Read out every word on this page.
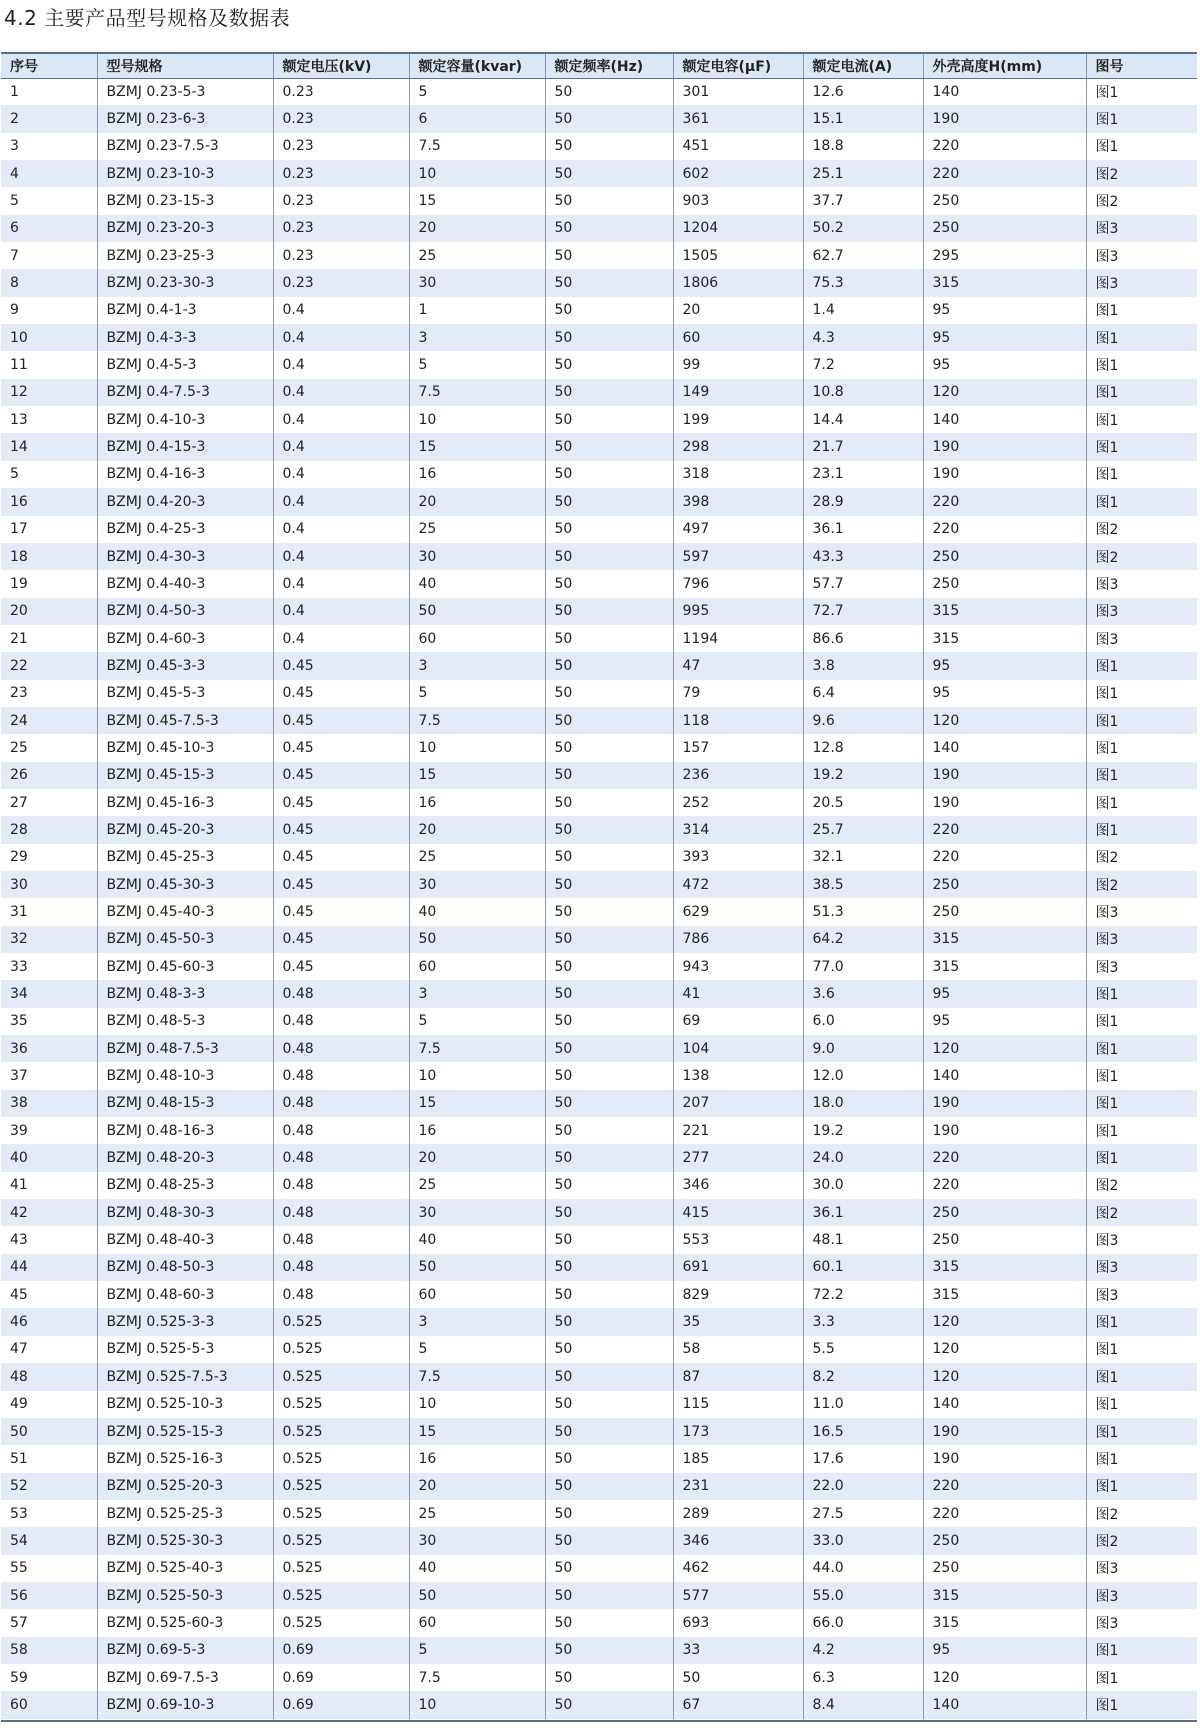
4.2 主要产品型号规格及数据表
序号	型号规格	额定电压(kV)	额定容量(kvar)	额定频率(Hz)	额定电容(μF)	额定电流(A)	外壳高度H(mm)	图号
1	BZMJ 0.23-5-3	0.23	5	50	301	12.6	140	图1
2	BZMJ 0.23-6-3	0.23	6	50	361	15.1	190	图1
3	BZMJ 0.23-7.5-3	0.23	7.5	50	451	18.8	220	图1
4	BZMJ 0.23-10-3	0.23	10	50	602	25.1	220	图2
5	BZMJ 0.23-15-3	0.23	15	50	903	37.7	250	图2
6	BZMJ 0.23-20-3	0.23	20	50	1204	50.2	250	图3
7	BZMJ 0.23-25-3	0.23	25	50	1505	62.7	295	图3
8	BZMJ 0.23-30-3	0.23	30	50	1806	75.3	315	图3
9	BZMJ 0.4-1-3	0.4	1	50	20	1.4	95	图1
10	BZMJ 0.4-3-3	0.4	3	50	60	4.3	95	图1
11	BZMJ 0.4-5-3	0.4	5	50	99	7.2	95	图1
12	BZMJ 0.4-7.5-3	0.4	7.5	50	149	10.8	120	图1
13	BZMJ 0.4-10-3	0.4	10	50	199	14.4	140	图1
14	BZMJ 0.4-15-3	0.4	15	50	298	21.7	190	图1
5	BZMJ 0.4-16-3	0.4	16	50	318	23.1	190	图1
16	BZMJ 0.4-20-3	0.4	20	50	398	28.9	220	图1
17	BZMJ 0.4-25-3	0.4	25	50	497	36.1	220	图2
18	BZMJ 0.4-30-3	0.4	30	50	597	43.3	250	图2
19	BZMJ 0.4-40-3	0.4	40	50	796	57.7	250	图3
20	BZMJ 0.4-50-3	0.4	50	50	995	72.7	315	图3
21	BZMJ 0.4-60-3	0.4	60	50	1194	86.6	315	图3
22	BZMJ 0.45-3-3	0.45	3	50	47	3.8	95	图1
23	BZMJ 0.45-5-3	0.45	5	50	79	6.4	95	图1
24	BZMJ 0.45-7.5-3	0.45	7.5	50	118	9.6	120	图1
25	BZMJ 0.45-10-3	0.45	10	50	157	12.8	140	图1
26	BZMJ 0.45-15-3	0.45	15	50	236	19.2	190	图1
27	BZMJ 0.45-16-3	0.45	16	50	252	20.5	190	图1
28	BZMJ 0.45-20-3	0.45	20	50	314	25.7	220	图1
29	BZMJ 0.45-25-3	0.45	25	50	393	32.1	220	图2
30	BZMJ 0.45-30-3	0.45	30	50	472	38.5	250	图2
31	BZMJ 0.45-40-3	0.45	40	50	629	51.3	250	图3
32	BZMJ 0.45-50-3	0.45	50	50	786	64.2	315	图3
33	BZMJ 0.45-60-3	0.45	60	50	943	77.0	315	图3
34	BZMJ 0.48-3-3	0.48	3	50	41	3.6	95	图1
35	BZMJ 0.48-5-3	0.48	5	50	69	6.0	95	图1
36	BZMJ 0.48-7.5-3	0.48	7.5	50	104	9.0	120	图1
37	BZMJ 0.48-10-3	0.48	10	50	138	12.0	140	图1
38	BZMJ 0.48-15-3	0.48	15	50	207	18.0	190	图1
39	BZMJ 0.48-16-3	0.48	16	50	221	19.2	190	图1
40	BZMJ 0.48-20-3	0.48	20	50	277	24.0	220	图1
41	BZMJ 0.48-25-3	0.48	25	50	346	30.0	220	图2
42	BZMJ 0.48-30-3	0.48	30	50	415	36.1	250	图2
43	BZMJ 0.48-40-3	0.48	40	50	553	48.1	250	图3
44	BZMJ 0.48-50-3	0.48	50	50	691	60.1	315	图3
45	BZMJ 0.48-60-3	0.48	60	50	829	72.2	315	图3
46	BZMJ 0.525-3-3	0.525	3	50	35	3.3	120	图1
47	BZMJ 0.525-5-3	0.525	5	50	58	5.5	120	图1
48	BZMJ 0.525-7.5-3	0.525	7.5	50	87	8.2	120	图1
49	BZMJ 0.525-10-3	0.525	10	50	115	11.0	140	图1
50	BZMJ 0.525-15-3	0.525	15	50	173	16.5	190	图1
51	BZMJ 0.525-16-3	0.525	16	50	185	17.6	190	图1
52	BZMJ 0.525-20-3	0.525	20	50	231	22.0	220	图1
53	BZMJ 0.525-25-3	0.525	25	50	289	27.5	220	图2
54	BZMJ 0.525-30-3	0.525	30	50	346	33.0	250	图2
55	BZMJ 0.525-40-3	0.525	40	50	462	44.0	250	图3
56	BZMJ 0.525-50-3	0.525	50	50	577	55.0	315	图3
57	BZMJ 0.525-60-3	0.525	60	50	693	66.0	315	图3
58	BZMJ 0.69-5-3	0.69	5	50	33	4.2	95	图1
59	BZMJ 0.69-7.5-3	0.69	7.5	50	50	6.3	120	图1
60	BZMJ 0.69-10-3	0.69	10	50	67	8.4	140	图1
